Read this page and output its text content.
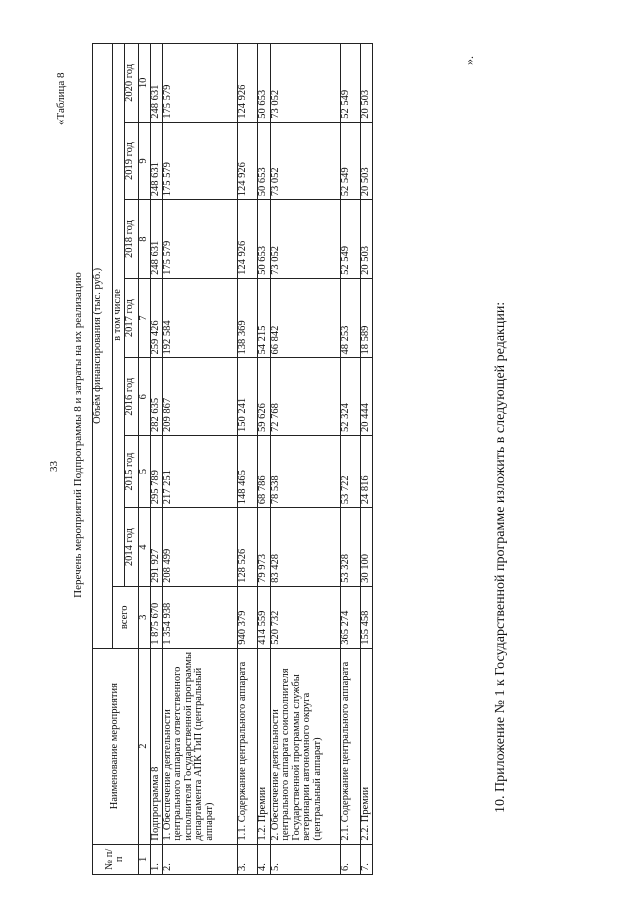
33
«Таблица 8
Перечень мероприятий Подпрограммы 8 и затраты на их реализацию
№ п/п	Наименование мероприятия	Объём финансирования (тыс. руб.)							
		всего	в том числе						
			2014 год	2015 год	2016 год	2017 год	2018 год	2019 год	2020 год
1	2	3	4	5	6	7	8	9	10
1.	Подпрограмма 8	1 875 670	291 927	295 789	282 635	259 426	248 631	248 631	248 631
2.	1. Обеспечение деятельности центрального аппарата ответственного исполнителя Государственной программы департамента АПК ТиП (центральный аппарат)	1 354 938	208 499	217 251	209 867	192 584	175 579	175 579	175 579
3.	1.1. Содержание центрального аппарата	940 379	128 526	148 465	150 241	138 369	124 926	124 926	124 926
4.	1.2. Премии	414 559	79 973	68 786	59 626	54 215	50 653	50 653	50 653
5.	2. Обеспечение деятельности центрального аппарата соисполнителя Государственной программы службы ветеринарии автономного округа (центральный аппарат)	520 732	83 428	78 538	72 768	66 842	73 052	73 052	73 052
6.	2.1. Содержание центрального аппарата	365 274	53 328	53 722	52 324	48 253	52 549	52 549	52 549
7.	2.2. Премии	155 458	30 100	24 816	20 444	18 589	20 503	20 503	20 503
».
10. Приложение № 1 к Государственной программе изложить в следующей редакции:
